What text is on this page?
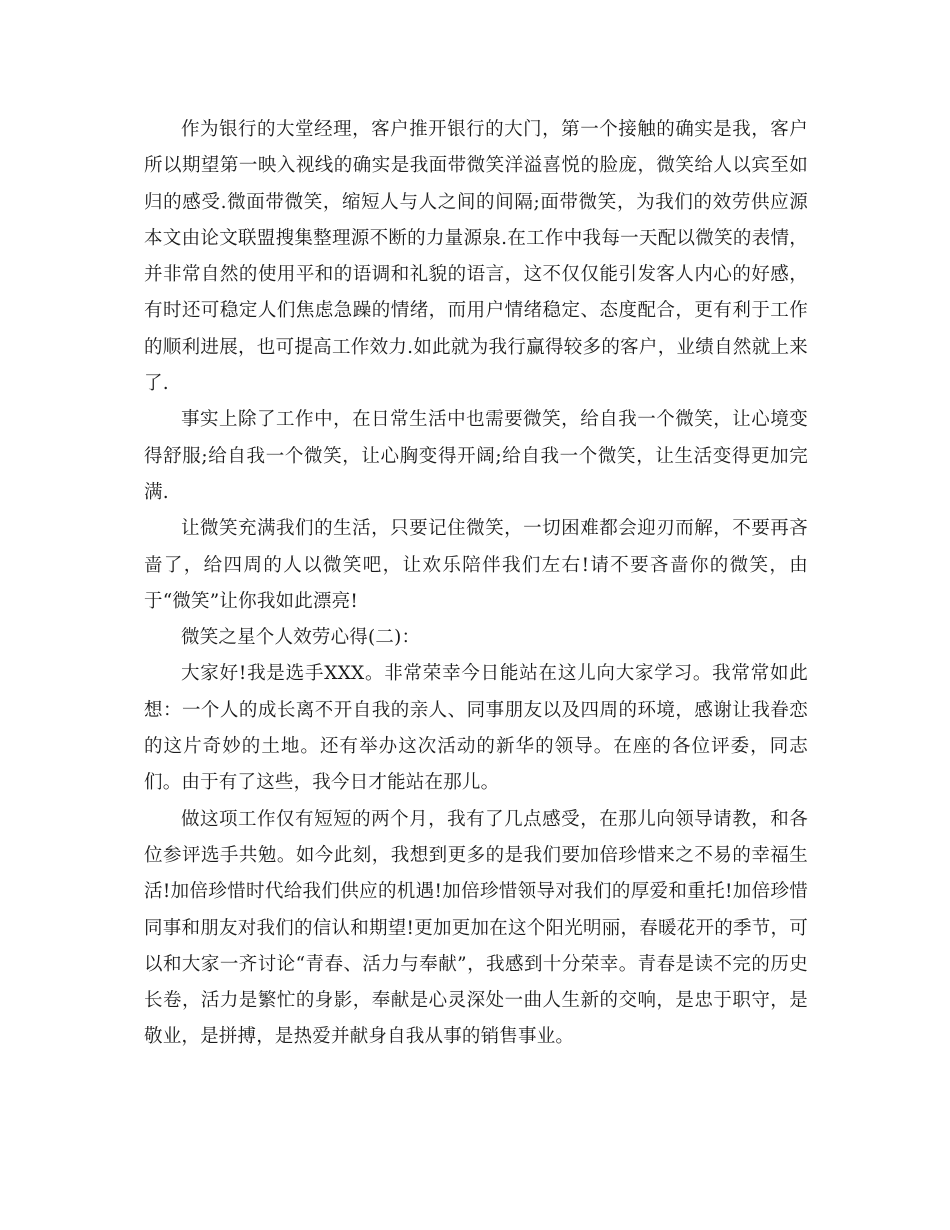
作为银行的大堂经理，客户推开银行的大门，第一个接触的确实是我，客户所以期望第一映入视线的确实是我面带微笑洋溢喜悦的脸庞，微笑给人以宾至如归的感受.微面带微笑，缩短人与人之间的间隔;面带微笑，为我们的效劳供应源本文由论文联盟搜集整理源不断的力量源泉.在工作中我每一天配以微笑的表情，并非常自然的使用平和的语调和礼貌的语言，这不仅仅能引发客人内心的好感，有时还可稳定人们焦虑急躁的情绪，而用户情绪稳定、态度配合，更有利于工作的顺利进展，也可提高工作效力.如此就为我行赢得较多的客户，业绩自然就上来了.

事实上除了工作中，在日常生活中也需要微笑，给自我一个微笑，让心境变得舒服;给自我一个微笑，让心胸变得开阔;给自我一个微笑，让生活变得更加完满.

让微笑充满我们的生活，只要记住微笑，一切困难都会迎刃而解，不要再吝啬了，给四周的人以微笑吧，让欢乐陪伴我们左右!请不要吝啬你的微笑，由于“微笑”让你我如此漂亮!

微笑之星个人效劳心得(二)：

大家好!我是选手XXX。非常荣幸今日能站在这儿向大家学习。我常常如此想：一个人的成长离不开自我的亲人、同事朋友以及四周的环境，感谢让我眷恋的这片奇妙的土地。还有举办这次活动的新华的领导。在座的各位评委，同志们。由于有了这些，我今日才能站在那儿。

做这项工作仅有短短的两个月，我有了几点感受，在那儿向领导请教，和各位参评选手共勉。如今此刻，我想到更多的是我们要加倍珍惜来之不易的幸福生活!加倍珍惜时代给我们供应的机遇!加倍珍惜领导对我们的厚爱和重托!加倍珍惜同事和朋友对我们的信认和期望!更加更加在这个阳光明丽，春暖花开的季节，可以和大家一齐讨论“青春、活力与奉献”，我感到十分荣幸。青春是读不完的历史长卷，活力是繁忙的身影，奉献是心灵深处一曲人生新的交响，是忠于职守，是敬业，是拼搏，是热爱并献身自我从事的销售事业。
